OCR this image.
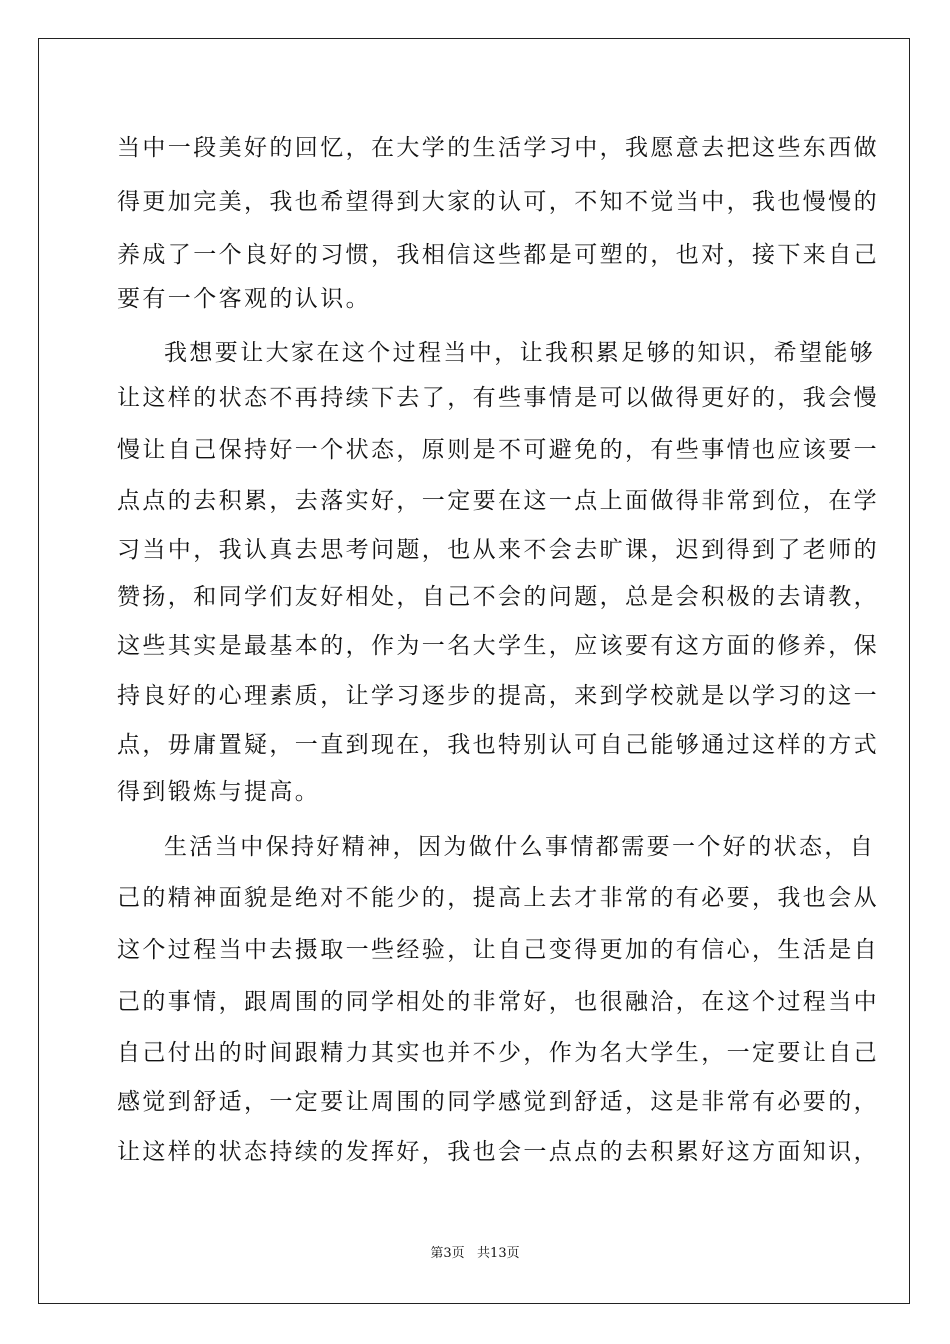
当中一段美好的回忆，在大学的生活学习中，我愿意去把这些东西做
得更加完美，我也希望得到大家的认可，不知不觉当中，我也慢慢的
养成了一个良好的习惯，我相信这些都是可塑的，也对，接下来自己
要有一个客观的认识。
我想要让大家在这个过程当中，让我积累足够的知识，希望能够
让这样的状态不再持续下去了，有些事情是可以做得更好的，我会慢
慢让自己保持好一个状态，原则是不可避免的，有些事情也应该要一
点点的去积累，去落实好，一定要在这一点上面做得非常到位，在学
习当中，我认真去思考问题，也从来不会去旷课，迟到得到了老师的
赞扬，和同学们友好相处，自己不会的问题，总是会积极的去请教，
这些其实是最基本的，作为一名大学生，应该要有这方面的修养，保
持良好的心理素质，让学习逐步的提高，来到学校就是以学习的这一
点，毋庸置疑，一直到现在，我也特别认可自己能够通过这样的方式
得到锻炼与提高。
生活当中保持好精神，因为做什么事情都需要一个好的状态，自
己的精神面貌是绝对不能少的，提高上去才非常的有必要，我也会从
这个过程当中去摄取一些经验，让自己变得更加的有信心，生活是自
己的事情，跟周围的同学相处的非常好，也很融洽，在这个过程当中
自己付出的时间跟精力其实也并不少，作为名大学生，一定要让自己
感觉到舒适，一定要让周围的同学感觉到舒适，这是非常有必要的，
让这样的状态持续的发挥好，我也会一点点的去积累好这方面知识，
第3页   共13页
